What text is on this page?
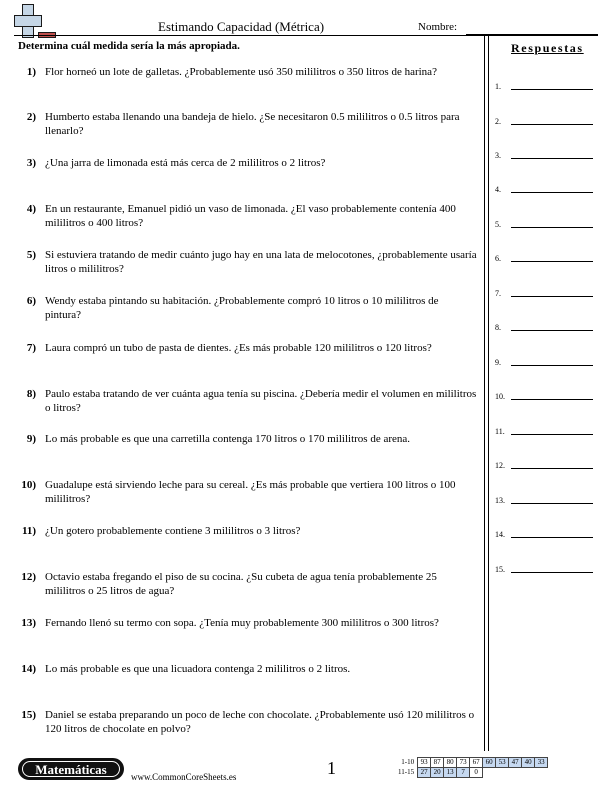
Estimando Capacidad (Métrica)	Nombre:
Determina cuál medida sería la más apropiada.
1) Flor horneó un lote de galletas. ¿Probablemente usó 350 mililitros o 350 litros de harina?
2) Humberto estaba llenando una bandeja de hielo. ¿Se necesitaron 0.5 mililitros o 0.5 litros para llenarlo?
3) ¿Una jarra de limonada está más cerca de 2 mililitros o 2 litros?
4) En un restaurante, Emanuel pidió un vaso de limonada. ¿El vaso probablemente contenía 400 mililitros o 400 litros?
5) Si estuviera tratando de medir cuánto jugo hay en una lata de melocotones, ¿probablemente usaría litros o mililitros?
6) Wendy estaba pintando su habitación. ¿Probablemente compró 10 litros o 10 mililitros de pintura?
7) Laura compró un tubo de pasta de dientes. ¿Es más probable 120 mililitros o 120 litros?
8) Paulo estaba tratando de ver cuánta agua tenía su piscina. ¿Debería medir el volumen en mililitros o litros?
9) Lo más probable es que una carretilla contenga 170 litros o 170 mililitros de arena.
10) Guadalupe está sirviendo leche para su cereal. ¿Es más probable que vertiera 100 litros o 100 mililitros?
11) ¿Un gotero probablemente contiene 3 mililitros o 3 litros?
12) Octavio estaba fregando el piso de su cocina. ¿Su cubeta de agua tenía probablemente 25 mililitros o 25 litros de agua?
13) Fernando llenó su termo con sopa. ¿Tenía muy probablemente 300 mililitros o 300 litros?
14) Lo más probable es que una licuadora contenga 2 mililitros o 2 litros.
15) Daniel se estaba preparando un poco de leche con chocolate. ¿Probablemente usó 120 mililitros o 120 litros de chocolate en polvo?
Respuestas
1.
2.
3.
4.
5.
6.
7.
8.
9.
10.
11.
12.
13.
14.
15.
Matemáticas	www.CommonCoreSheets.es	1	1-10	93	87	80	73	67	60	53	47	40	33
11-15	27	20	13	7	0					
